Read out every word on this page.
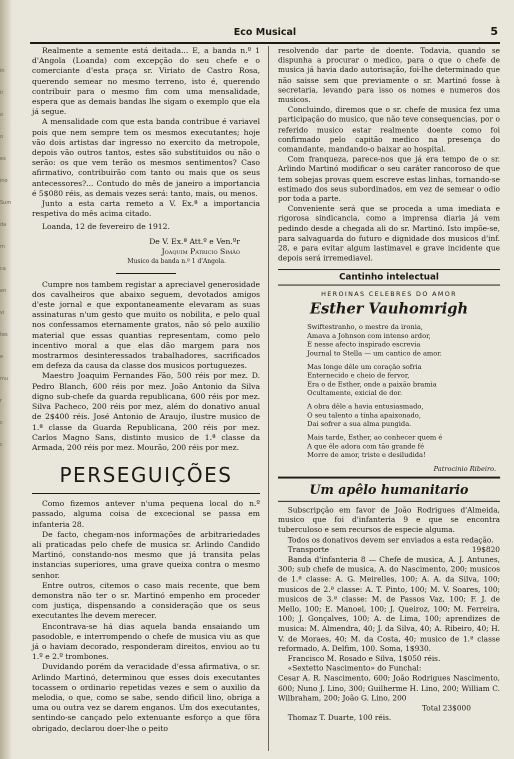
in
ir
o
o
es
ino
Sum
da
m
ca
en
vi
tes
e
mu
r
c
c
Eco Musical	5

Realmente a semente está deitada... E, a banda n.º 1 d'Angola (Loanda) com excepção do seu chefe e o comerciante d'esta praça sr. Viriato de Castro Rosa, querendo semear no mesmo terreno, isto é, querendo contribuir para o mesmo fim com uma mensalidade, espera que as demais bandas lhe sigam o exemplo que ela já segue.

A mensalidade com que esta banda contribue é variavel pois que nem sempre tem os mesmos executantes; hoje vão dois artistas dar ingresso no exercito da metropole, depois vão outros tantos, estes são substituidos ou não o serão: os que vem terão os mesmos sentimentos? Caso afirmativo, contribuirão com tanto ou mais que os seus antecessores?... Contudo do mês de janeiro a importancia é 5$080 réis, as demais vezes será: tanto, mais, ou menos.

Junto a esta carta remeto a V. Ex.ª a importancia respetiva do mês acima citado.

Loanda, 12 de fevereiro de 1912.

De V. Ex.ª Att.º e Ven.ºr
Joaquim Patricio Simão
Musico da banda n.º 1 d'Angola.

Cumpre nos tambem registar a apreciavel generosidade dos cavalheiros que abaixo seguem, devotados amigos d'este jornal e que expontaneamente elevaram as suas assinaturas n'um gesto que muito os nobilita, e pelo qual nos confessamos eternamente gratos, não só pelo auxilio material que essas quantias representam, como pelo incentivo moral a que elas dão margem para nos mostrarmos desinteressados trabalhadores, sacrificados em defeza da causa da classe dos musicos portuguezes.

Maestro Joaquim Fernandes Fão, 500 réis por mez. D. Pedro Blanch, 600 réis por mez. João Antonio da Silva digno sub-chefe da guarda republicana, 600 réis por mez. Silva Pacheco, 200 réis por mez, além do donativo anual de 2$400 réis. José Antonio de Araujo, ilustre musico de 1.ª classe da Guarda Republicana, 200 réis por mez. Carlos Magno Sans, distinto musico de 1.ª classe da Armada, 200 réis por mez. Mourão, 200 réis por mez.

PERSEGUIÇÕES

Como fizemos antever n'uma pequena local do n.º passado, alguma coisa de excecional se passa em infanteria 28.

De facto, chegam-nos informações de arbitrariedades ali praticadas pelo chefe de musica sr. Arlindo Candido Martinó, constando-nos mesmo que já transita pelas instancias superiores, uma grave queixa contra o mesmo senhor.

Entre outros, citemos o caso mais recente, que bem demonstra não ter o sr. Martinó empenho em proceder com justiça, dispensando a consideração que os seus executantes lhe devem merecer.

Encontrava-se há dias aquela banda ensaiando um pasodoble, e interrompendo o chefe de musica viu as que já o haviam decorado, responderam direitos, enviou ao tu 1.º e 2.º trombones.

Duvidando porém da veracidade d'essa afirmativa, o sr. Arlindo Martinó, determinou que esses dois executantes tocassem o ordinario repetidas vezes e sem o auxilio da melodia, o que, como se sabe, sendo dificil lino, obriga a uma ou outra vez se darem enganos. Um dos executantes, sentindo-se cançado pelo extenuante esforço a que fôra obrigado, declarou doer-lhe o peito

resolvendo dar parte de doente. Todavia, quando se dispunha a procurar o medico, para o que o chefe de musica já havia dado autorisação, foi-lhe determinado que não saisse sem que previamente o sr. Martinó fosse à secretaria, levando para isso os nomes e numeros dos musicos.

Concluindo, diremos que o sr. chefe de musica fez uma participação do musico, que não teve consequencias, por o referido musico estar realmente doente como foi confirmado pelo capitão medico na presença do comandante, mandando-o baixar ao hospital.

Com franqueza, parece-nos que já era tempo de o sr. Arlindo Martinó modificar o seu caráter rancoroso de que tem sobejas provas quem escreve estas linhas, tornando-se estimado dos seus subordinados, em vez de semear o odio por toda a parte.

Conveniente será que se proceda a uma imediata e rigorosa sindicancia, como a imprensa diaria já vem pedindo desde a chegada ali do sr. Martinó. Isto impõe-se, para salvaguarda do futuro e dignidade dos musicos d'inf. 28, e para evitar algum lastimavel e grave incidente que depois será irremediavel.

Cantinho intelectual
HEROINAS CELEBRES DO AMOR
Esther Vauhomrigh
Swiftestranho, o mestre da ironia,
Amava a Johnson com intenso ardor,
E nesse afecto inspirado escrevia
Journal to Stella — um cantico de amor.
Mas longe dêle um coração sofria
Enternecido e cheio de fervor,
Era o de Esther, onde a paixão bramia
Ocultamente, exicial de dor.
A obra dêle a havia entusiasmado,
O seu talento a tinha apaixonado,
Dai sofrer a sua alma pungida.
Mais tarde, Esther, ao conhecer quem é
A que êle adora com tão grande fé
Morre de amor, triste e desiludida!
Patrocinio Ribeiro.
Um apêlo humanitario

Subscripção em favor de João Rodrigues d'Almeida, musico que foi d'infanteria 9 e que se encontra tuberculoso e sem recursos de especie alguma.

Todos os donativos devem ser enviados a esta redação.

Transporte	19$820

Banda d'infanteria 8 — Chefe de musica, A. J. Antunes, 300; sub chefe de musica, A. do Nascimento, 200; musicos de 1.ª classe: A. G. Meirelles, 100; A. A. da Silva, 100; musicos de 2.ª classe: A. T. Pinto, 100; M. V. Soares, 100; musicos de 3.ª classe: M. de Passos Vaz, 100; F. J. de Mello, 100; E. Manoel, 100; J. Queiroz, 100; M. Ferreira, 100; J. Gonçalves, 100; A. de Lima, 100; aprendizes de musica: M. Almendra, 40; J. da Silva, 40; A. Ribeiro, 40; H. V. de Moraes, 40; M. da Costa, 40; musico de 1.ª classe reformado, A. Delfim, 100. Soma, 1$930.

Francisco M. Rosado e Silva, 1$050 réis.

«Sextetto Nascimento» do Funchal:

Cesar A. R. Nascimento, 600; João Rodrigues Nascimento, 600; Nuno J. Lino, 300; Guilherme H. Lino, 200; William C. Wilbraham, 200; João G. Lino, 200

Total 23$000

Thomaz T. Duarte, 100 réis.
